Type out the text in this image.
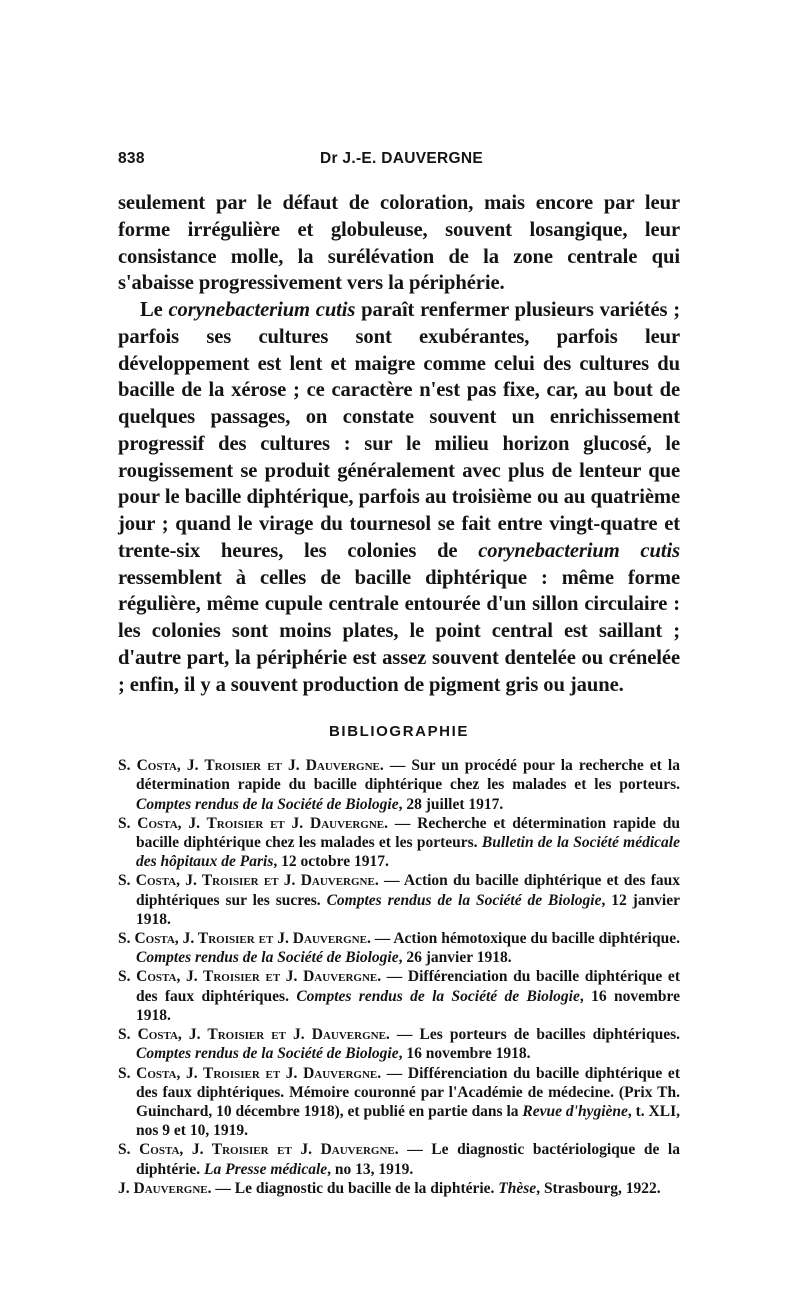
838	Dr J.-E. DAUVERGNE

seulement par le défaut de coloration, mais encore par leur forme irrégulière et globuleuse, souvent losangique, leur consistance molle, la surélévation de la zone centrale qui s'abaisse progressivement vers la périphérie.

Le corynebacterium cutis paraît renfermer plusieurs variétés ; parfois ses cultures sont exubérantes, parfois leur développement est lent et maigre comme celui des cultures du bacille de la xérose ; ce caractère n'est pas fixe, car, au bout de quelques passages, on constate souvent un enrichissement progressif des cultures : sur le milieu horizon glucosé, le rougissement se produit généralement avec plus de lenteur que pour le bacille diphtérique, parfois au troisième ou au quatrième jour ; quand le virage du tournesol se fait entre vingt-quatre et trente-six heures, les colonies de corynebacterium cutis ressemblent à celles de bacille diphtérique : même forme régulière, même cupule centrale entourée d'un sillon circulaire : les colonies sont moins plates, le point central est saillant ; d'autre part, la périphérie est assez souvent dentelée ou crénelée ; enfin, il y a souvent production de pigment gris ou jaune.

BIBLIOGRAPHIE

S. Costa, J. Troisier et J. Dauvergne. — Sur un procédé pour la recherche et la détermination rapide du bacille diphtérique chez les malades et les porteurs. Comptes rendus de la Société de Biologie, 28 juillet 1917.

S. Costa, J. Troisier et J. Dauvergne. — Recherche et détermination rapide du bacille diphtérique chez les malades et les porteurs. Bulletin de la Société médicale des hôpitaux de Paris, 12 octobre 1917.

S. Costa, J. Troisier et J. Dauvergne. — Action du bacille diphtérique et des faux diphtériques sur les sucres. Comptes rendus de la Société de Biologie, 12 janvier 1918.

S. Costa, J. Troisier et J. Dauvergne. — Action hémotoxique du bacille diphtérique. Comptes rendus de la Société de Biologie, 26 janvier 1918.

S. Costa, J. Troisier et J. Dauvergne. — Différenciation du bacille diphtérique et des faux diphtériques. Comptes rendus de la Société de Biologie, 16 novembre 1918.

S. Costa, J. Troisier et J. Dauvergne. — Les porteurs de bacilles diphtériques. Comptes rendus de la Société de Biologie, 16 novembre 1918.

S. Costa, J. Troisier et J. Dauvergne. — Différenciation du bacille diphtérique et des faux diphtériques. Mémoire couronné par l'Académie de médecine. (Prix Th. Guinchard, 10 décembre 1918), et publié en partie dans la Revue d'hygiène, t. XLI, nos 9 et 10, 1919.

S. Costa, J. Troisier et J. Dauvergne. — Le diagnostic bactériologique de la diphtérie. La Presse médicale, no 13, 1919.

J. Dauvergne. — Le diagnostic du bacille de la diphtérie. Thèse, Strasbourg, 1922.
